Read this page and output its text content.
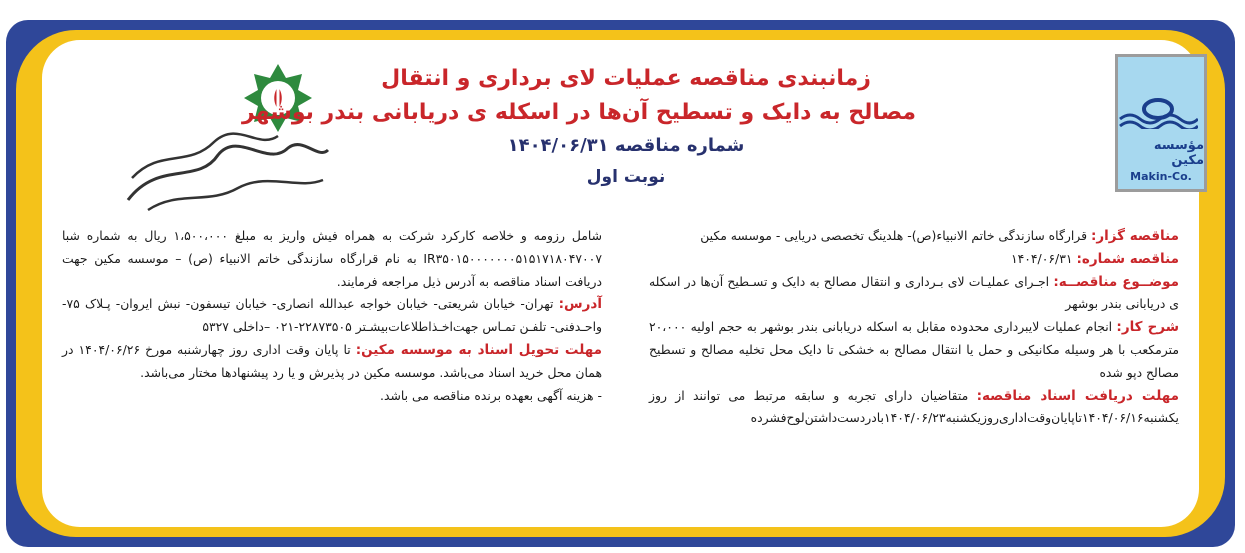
مؤسسه مکین
Makin-Co.
زمانبندی مناقصه عملیات لای برداری و انتقال
مصالح به دایک و تسطیح آن‌ها در اسکله ی دریابانی بندر بوشهر
شماره مناقصه ۱۴۰۴/۰۶/۳۱
نوبت اول

مناقصه گزار: قرارگاه سازندگی خاتم الانبیاء(ص)- هلدینگ تخصصی دریایی - موسسه مکین

مناقصه شماره: ۱۴۰۴/۰۶/۳۱

موضــوع مناقصــه: اجـرای عملیـات لای بـرداری و انتقال مصالح به دایک و تسـطیح آن‌ها در اسکله ی دریابانی بندر بوشهر

شرح کار: انجام عملیات لایبرداری محدوده مقابل به اسکله دریابانی بندر بوشهر به حجم اولیه ۲۰،۰۰۰ مترمکعب با هر وسیله مکانیکی و حمل یا انتقال مصالح به خشکی تا دایک محل تخلیه مصالح و تسطیح مصالح دپو شده

مهلت دریافت اسناد مناقصه: متقاضیان دارای تجربه و سابقه مرتبط می توانند از روز یکشنبه۱۴۰۴/۰۶/۱۶تاپایان‌وقت‌اداری‌روزیکشنبه۱۴۰۴/۰۶/۲۳بادردست‌داشتن‌لوح‌فشرده

شامل رزومه و خلاصه کارکرد شرکت به همراه فیش واریز به مبلغ ۱،۵۰۰،۰۰۰ ریال به شماره شبا IR۳۵۰۱۵۰۰۰۰۰۰۰۵۱۵۱۷۱۸۰۴۷۰۰۷ به نام قرارگاه سازندگی خاتم الانبیاء (ص) – موسسه مکین جهت دریافت اسناد مناقصه به آدرس ذیل مراجعه فرمایند.

آدرس: تهران- خیابان شریعتی- خیابان خواجه عبدالله انصاری- خیابان تیسفون- نبش ایروان- پـلاک ۷۵- واحـدفنی- تلفـن تمـاس جهت‌اخـذ‌اطلاعات‌بیشـتر ۲۲۸۷۳۵۰۵-۰۲۱ –داخلی ۵۳۲۷

مهلت تحویل اسناد به موسسه مکین: تا پایان وقت اداری روز چهارشنبه مورخ ۱۴۰۴/۰۶/۲۶ در همان محل خرید اسناد می‌باشد. موسسه مکین در پذیرش و یا رد پیشنهادها مختار می‌باشد.

- هزینه آگهی بعهده برنده مناقصه می باشد.
